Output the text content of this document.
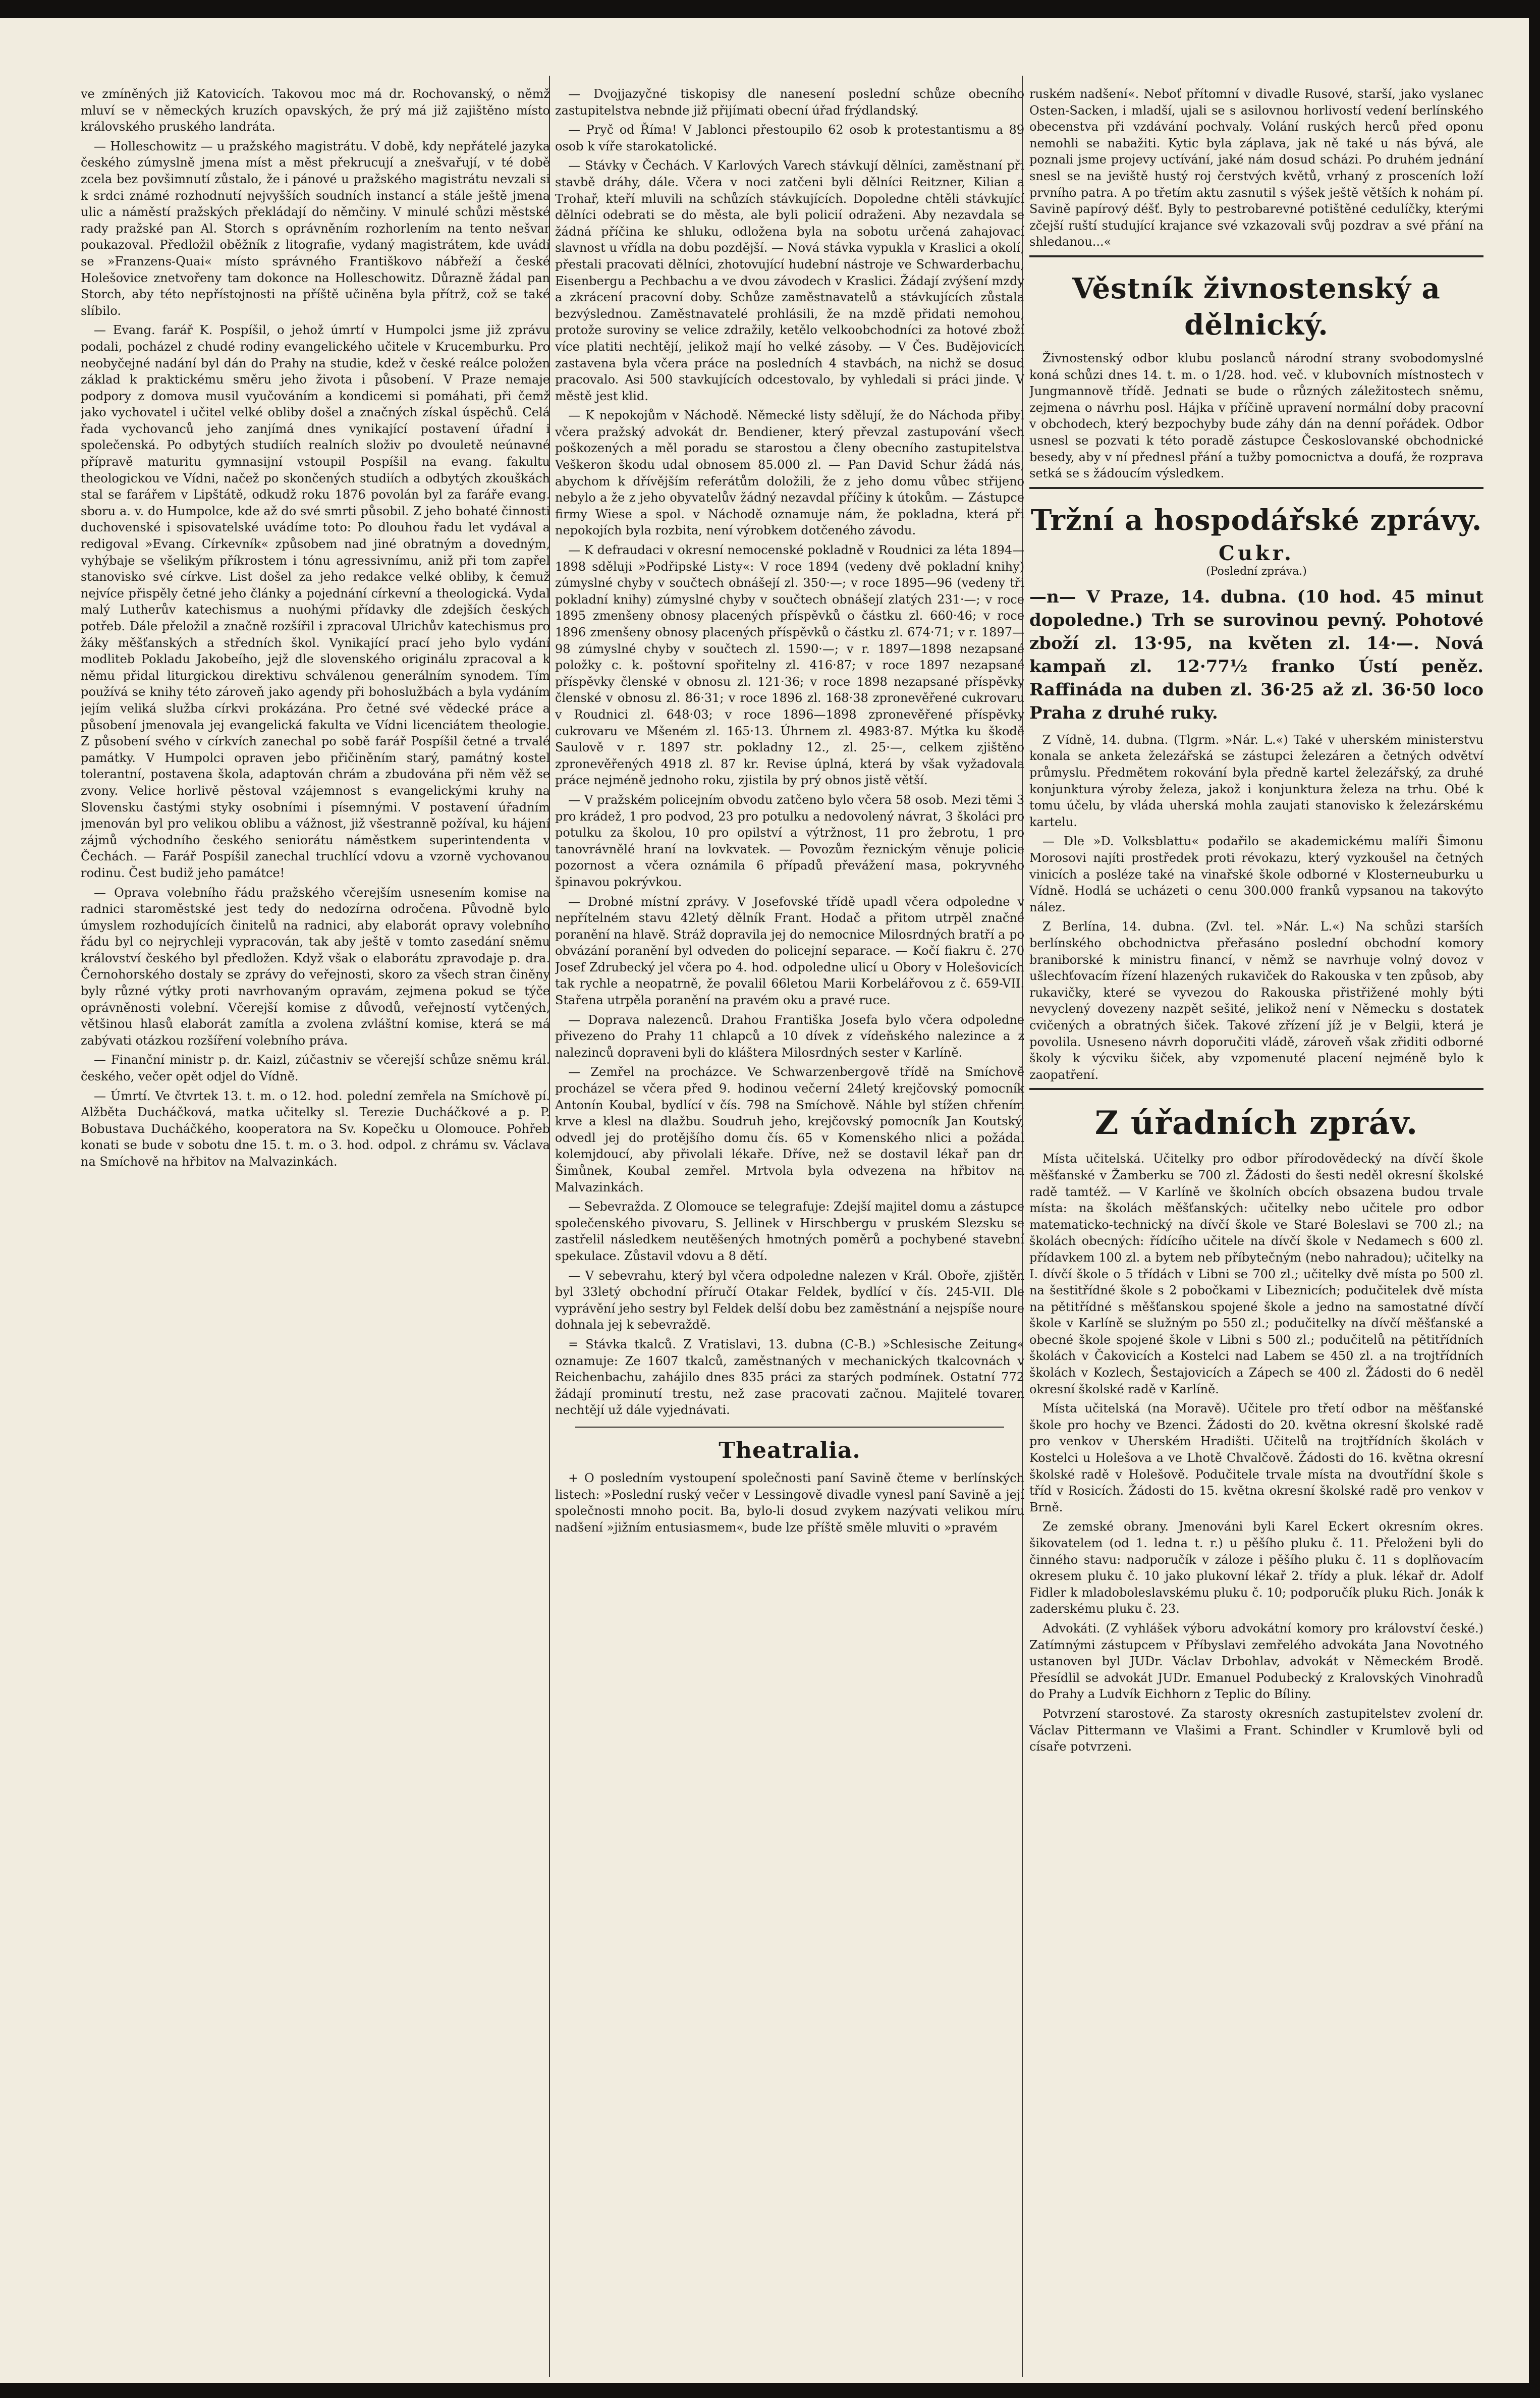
ve zmíněných již Katovicích. Takovou moc má dr. Rochovanský, o němž mluví se v německých kruzích opavských, že prý má již zajištěno místo královského pruského landráta.

— Holleschowitz — u pražského magistrátu. V době, kdy nepřátelé jazyka českého zúmyslně jmena míst a měst překrucují a znešvařují, v té době zcela bez povšimnutí zůstalo, že i pánové u pražského magistrátu nevzali si k srdci známé rozhodnutí nejvyšších soudních instancí a stále ještě jmena ulic a náměstí pražských překládají do němčiny. V minulé schůzi městské rady pražské pan Al. Storch s oprávněním rozhorlením na tento nešvar poukazoval. Předložil oběžník z litografie, vydaný magistrátem, kde uvádí se »Franzens-Quai« místo správného Františkovo nábřeží a české Holešovice znetvořeny tam dokonce na Holleschowitz. Důrazně žádal pan Storch, aby této nepřístojnosti na příště učiněna byla přítrž, což se také slíbilo.

— Evang. farář K. Pospíšil, o jehož úmrtí v Humpolci jsme již zprávu podali, pocházel z chudé rodiny evangelického učitele v Krucemburku. Pro neobyčejné nadání byl dán do Prahy na studie, kdež v české reálce položen základ k praktickému směru jeho života i působení. V Praze nemaje podpory z domova musil vyučováním a kondicemi si pomáhati, při čemž jako vychovatel i učitel velké obliby došel a značných získal úspěchů. Celá řada vychovanců jeho zanjímá dnes vynikající postavení úřadní i společenská. Po odbytých studiích realních složiv po dvouletě neúnavné přípravě maturitu gymnasijní vstoupil Pospíšil na evang. fakultu theologickou ve Vídni, načež po skončených studiích a odbytých zkouškách stal se farářem v Lipštátě, odkudž roku 1876 povolán byl za faráře evang. sboru a. v. do Humpolce, kde až do své smrti působil. Z jeho bohaté činnosti duchovenské i spisovatelské uvádíme toto: Po dlouhou řadu let vydával a redigoval »Evang. Církevník« způsobem nad jiné obratným a dovedným, vyhýbaje se všelikým příkrostem i tónu agressivnímu, aniž při tom zapřel stanovisko své církve. List došel za jeho redakce velké obliby, k čemuž nejvíce přispěly četné jeho články a pojednání církevní a theologická. Vydal malý Lutherův katechismus a nuohými přídavky dle zdejších českých potřeb. Dále přeložil a značně rozšířil i zpracoval Ulrichův katechismus pro žáky měšťanských a středních škol. Vynikající prací jeho bylo vydání modliteb Pokladu Jakobeího, jejž dle slovenského originálu zpracoval a k němu přidal liturgickou direktivu schválenou generálním synodem. Tím používá se knihy této zároveň jako agendy při bohoslužbách a byla vydáním jejím veliká služba církvi prokázána. Pro četné své vědecké práce a působení jmenovala jej evangelická fakulta ve Vídni licenciátem theologie. Z působení svého v církvích zanechal po sobě farář Pospíšil četné a trvalé památky. V Humpolci opraven jebo přičiněním starý, památný kostel tolerantní, postavena škola, adaptován chrám a zbudována při něm věž se zvony. Velice horlivě pěstoval vzájemnost s evangelickými kruhy na Slovensku častými styky osobními i písemnými. V postavení úřadním jmenován byl pro velikou oblibu a vážnost, již všestranně požíval, ku hájení zájmů východního českého seniorátu náměstkem superintendenta v Čechách. — Farář Pospíšil zanechal truchlící vdovu a vzorně vychovanou rodinu. Čest budiž jeho památce!

— Oprava volebního řádu pražského včerejším usnesením komise na radnici staroměstské jest tedy do nedozírna odročena. Původně bylo úmyslem rozhodujících činitelů na radnici, aby elaborát opravy volebního řádu byl co nejrychleji vypracován, tak aby ještě v tomto zasedání sněmu království českého byl předložen. Když však o elaborátu zpravodaje p. dra. Černohorského dostaly se zprávy do veřejnosti, skoro za všech stran činěny byly různé výtky proti navrhovaným opravám, zejmena pokud se týče oprávněnosti volební. Včerejší komise z důvodů, veřejností vytčených, většinou hlasů elaborát zamítla a zvolena zvláštní komise, která se má zabývati otázkou rozšíření volebního práva.

— Finanční ministr p. dr. Kaizl, zúčastniv se včerejší schůze sněmu král. českého, večer opět odjel do Vídně.

— Úmrtí. Ve čtvrtek 13. t. m. o 12. hod. polední zemřela na Smíchově pí. Alžběta Ducháčková, matka učitelky sl. Terezie Ducháčkové a p. P. Bobustava Ducháčkého, kooperatora na Sv. Kopečku u Olomouce. Pohřeb konati se bude v sobotu dne 15. t. m. o 3. hod. odpol. z chrámu sv. Václava na Smíchově na hřbitov na Malvazinkách.

— Dvojjazyčné tiskopisy dle nanesení poslední schůze obecního zastupitelstva nebnde již přijímati obecní úřad frýdlandský.

— Pryč od Říma! V Jablonci přestoupilo 62 osob k protestantismu a 89 osob k víře starokatolické.

— Stávky v Čechách. V Karlových Varech stávkují dělníci, zaměstnaní při stavbě dráhy, dále. Včera v noci zatčeni byli dělníci Reitzner, Kilian a Trohař, kteří mluvili na schůzích stávkujících. Dopoledne chtěli stávkující dělníci odebrati se do města, ale byli policií odraženi. Aby nezavdala se žádná příčina ke shluku, odložena byla na sobotu určená zahajovací slavnost u vřídla na dobu pozdější. — Nová stávka vypukla v Kraslici a okolí, přestali pracovati dělníci, zhotovující hudební nástroje ve Schwarderbachu, Eisenbergu a Pechbachu a ve dvou závodech v Kraslici. Žádají zvýšení mzdy a zkrácení pracovní doby. Schůze zaměstnavatelů a stávkujících zůstala bezvýslednou. Zaměstnavatelé prohlásili, že na mzdě přidati nemohou, protože suroviny se velice zdražily, ketělo velkoobchodníci za hotové zboží více platiti nechtějí, jelikož mají ho velké zásoby. — V Čes. Budějovicích zastavena byla včera práce na posledních 4 stavbách, na nichž se dosud pracovalo. Asi 500 stavkujících odcestovalo, by vyhledali si práci jinde. V městě jest klid.

— K nepokojům v Náchodě. Německé listy sdělují, že do Náchoda přibyl včera pražský advokát dr. Bendiener, který převzal zastupování všech poškozených a měl poradu se starostou a členy obecního zastupitelstva. Veškeron škodu udal obnosem 85.000 zl. — Pan David Schur žádá nás, abychom k dřívějším referátům doložili, že z jeho domu vůbec střijeno nebylo a že z jeho obyvatelův žádný nezavdal příčiny k útokům. — Zástupce firmy Wiese a spol. v Náchodě oznamuje nám, že pokladna, která při nepokojích byla rozbita, není výrobkem dotčeného závodu.

— K defraudaci v okresní nemocenské pokladně v Roudnici za léta 1894—1898 sděluji »Podřipské Listy«: V roce 1894 (vedeny dvě pokladní knihy) zúmyslné chyby v součtech obnášejí zl. 350·—; v roce 1895—96 (vedeny tři pokladní knihy) zúmyslné chyby v součtech obnášejí zlatých 231·—; v roce 1895 zmenšeny obnosy placených příspěvků o částku zl. 660·46; v roce 1896 zmenšeny obnosy placených příspěvků o částku zl. 674·71; v r. 1897—98 zúmyslné chyby v součtech zl. 1590·—; v r. 1897—1898 nezapsané položky c. k. poštovní spořitelny zl. 416·87; v roce 1897 nezapsané příspěvky členské v obnosu zl. 121·36; v roce 1898 nezapsané příspěvky členské v obnosu zl. 86·31; v roce 1896 zl. 168·38 zpronevěřené cukrovaru v Roudnici zl. 648·03; v roce 1896—1898 zpronevěřené příspěvky cukrovaru ve Mšeném zl. 165·13. Úhrnem zl. 4983·87. Mýtka ku škodě Saulově v r. 1897 str. pokladny 12., zl. 25·—, celkem zjištěno zpronevěřených 4918 zl. 87 kr. Revise úplná, která by však vyžadovala práce nejméně jednoho roku, zjistila by prý obnos jistě větší.

— V pražském policejním obvodu zatčeno bylo včera 58 osob. Mezi těmi 3 pro krádež, 1 pro podvod, 23 pro potulku a nedovolený návrat, 3 školáci pro potulku za školou, 10 pro opilství a výtržnost, 11 pro žebrotu, 1 pro tanovrávnělé hraní na lovkvatek. — Povozům řeznickým věnuje policie pozornost a včera oznámila 6 případů převážení masa, pokryvného špinavou pokrývkou.

— Drobné místní zprávy. V Josefovské třídě upadl včera odpoledne v nepřítelném stavu 42letý dělník Frant. Hodač a přitom utrpěl značné poranění na hlavě. Stráž dopravila jej do nemocnice Milosrdných bratří a po obvázání poranění byl odveden do policejní separace. — Kočí fiakru č. 270 Josef Zdrubecký jel včera po 4. hod. odpoledne ulicí u Obory v Holešovicích tak rychle a neopatrně, že povalil 66letou Marii Korbelářovou z č. 659-VII. Stařena utrpěla poranění na pravém oku a pravé ruce.

— Doprava nalezenců. Drahou Františka Josefa bylo včera odpoledne přivezeno do Prahy 11 chlapců a 10 dívek z vídeňského nalezince a z nalezinců dopraveni byli do kláštera Milosrdných sester v Karlíně.

— Zemřel na procházce. Ve Schwarzenbergově třídě na Smíchově procházel se včera před 9. hodinou večerní 24letý krejčovský pomocník Antonín Koubal, bydlící v čís. 798 na Smíchově. Náhle byl stížen chřením krve a klesl na dlažbu. Soudruh jeho, krejčovský pomocník Jan Koutský, odvedl jej do protějšího domu čís. 65 v Komenského nlici a požádal kolemjdoucí, aby přivolali lékaře. Dříve, než se dostavil lékař pan dr. Šimůnek, Koubal zemřel. Mrtvola byla odvezena na hřbitov na Malvazinkách.

— Sebevražda. Z Olomouce se telegrafuje: Zdejší majitel domu a zástupce společenského pivovaru, S. Jellinek v Hirschbergu v pruském Slezsku se zastřelil následkem neutěšených hmotných poměrů a pochybené stavební spekulace. Zůstavil vdovu a 8 dětí.

— V sebevrahu, který byl včera odpoledne nalezen v Král. Oboře, zjištěn byl 33letý obchodní příručí Otakar Feldek, bydlící v čís. 245-VII. Dle vyprávění jeho sestry byl Feldek delší dobu bez zaměstnání a nejspíše noure dohnala jej k sebevraždě.

= Stávka tkalců. Z Vratislavi, 13. dubna (C-B.) »Schlesische Zeitung« oznamuje: Ze 1607 tkalců, zaměstnaných v mechanických tkalcovnách v Reichenbachu, zahájilo dnes 835 práci za starých podmínek. Ostatní 772 žádají prominutí trestu, než zase pracovati začnou. Majitelé tovaren nechtějí už dále vyjednávati.

Theatralia.

+ O posledním vystoupení společnosti paní Savině čteme v berlínských listech: »Poslední ruský večer v Lessingově divadle vynesl paní Savině a její společnosti mnoho pocit. Ba, bylo-li dosud zvykem nazývati velikou míru nadšení »jižním entusiasmem«, bude lze příště směle mluviti o »pravém

ruském nadšení«. Neboť přítomní v divadle Rusové, starší, jako vyslanec Osten-Sacken, i mladší, ujali se s asilovnou horlivostí vedení berlínského obecenstva při vzdávání pochvaly. Volání ruských herců před oponu nemohli se nabažiti. Kytic byla záplava, jak ně také u nás bývá, ale poznali jsme projevy uctívání, jaké nám dosud scházi. Po druhém jednání snesl se na jeviště hustý roj čerstvých květů, vrhaný z prosceních loží prvního patra. A po třetím aktu zasnutil s výšek ještě větších k nohám pí. Savině papírový déšť. Byly to pestrobarevné potištěné cedulíčky, kterými zčejší ruští studující krajance své vzkazovali svůj pozdrav a své přání na shledanou...«

Věstník živnostenský a dělnický.

Živnostenský odbor klubu poslanců národní strany svobodomyslné koná schůzi dnes 14. t. m. o 1/28. hod. več. v klubovních místnostech v Jungmannově třídě. Jednati se bude o různých záležitostech sněmu, zejmena o návrhu posl. Hájka v příčině upravení normální doby pracovní v obchodech, který bezpochyby bude záhy dán na denní pořádek. Odbor usnesl se pozvati k této poradě zástupce Českoslovanské obchodnické besedy, aby v ní přednesl přání a tužby pomocnictva a doufá, že rozprava setká se s žádoucím výsledkem.

Tržní a hospodářské zprávy.
Cukr.
(Poslední zpráva.)
—n— V Praze, 14. dubna. (10 hod. 45 minut dopoledne.) Trh se surovinou pevný. Pohotové zboží zl. 13·95, na květen zl. 14·—. Nová kampaň zl. 12·77½ franko Ústí peněz. Raffináda na duben zl. 36·25 až zl. 36·50 loco Praha z druhé ruky.

Z Vídně, 14. dubna. (Tlgrm. »Nár. L.«) Také v uherském ministerstvu konala se anketa železářská se zástupci železáren a četných odvětví průmyslu. Předmětem rokování byla předně kartel železářský, za druhé konjunktura výroby železa, jakož i konjunktura železa na trhu. Obé k tomu účelu, by vláda uherská mohla zaujati stanovisko k železárskému kartelu.

— Dle »D. Volksblattu« podařilo se akademickému malíři Šimonu Morosovi najíti prostředek proti révokazu, který vyzkoušel na četných vinicích a posléze také na vinařské škole odborné v Klosterneuburku u Vídně. Hodlá se ucházeti o cenu 300.000 franků vypsanou na takovýto nález.

Z Berlína, 14. dubna. (Zvl. tel. »Nár. L.«) Na schůzi starších berlínského obchodnictva přeřasáno poslední obchodní komory braniborské k ministru financí, v němž se navrhuje volný dovoz v ušlechťovacím řízení hlazených rukaviček do Rakouska v ten způsob, aby rukavičky, které se vyvezou do Rakouska přistřižené mohly býti nevyclený dovezeny nazpět sešité, jelikož není v Německu s dostatek cvičených a obratných šiček. Takové zřízení jíž je v Belgii, která je povolila. Usneseno návrh doporučiti vládě, zároveň však zřiditi odborné školy k výcviku šiček, aby vzpomenuté placení nejméně bylo k zaopatření.

Z úřadních zpráv.

Místa učitelská. Učitelky pro odbor přírodovědecký na dívčí škole měšťanské v Žamberku se 700 zl. Žádosti do šesti neděl okresní školské radě tamtéž. — V Karlíně ve školních obcích obsazena budou trvale místa: na školách měšťanských: učitelky nebo učitele pro odbor matematicko-technický na dívčí škole ve Staré Boleslavi se 700 zl.; na školách obecných: řídícího učitele na dívčí škole v Nedamech s 600 zl. přídavkem 100 zl. a bytem neb příbytečným (nebo nahradou); učitelky na I. dívčí škole o 5 třídách v Libni se 700 zl.; učitelky dvě místa po 500 zl. na šestitřídné škole s 2 pobočkami v Libeznicích; podučitelek dvě místa na pětitřídné s měšťanskou spojené škole a jedno na samostatné dívčí škole v Karlíně se služným po 550 zl.; podučitelky na dívčí měšťanské a obecné škole spojené škole v Libni s 500 zl.; podučitelů na pětitřídních školách v Čakovicích a Kostelci nad Labem se 450 zl. a na trojtřídních školách v Kozlech, Šestajovicích a Zápech se 400 zl. Žádosti do 6 neděl okresní školské radě v Karlíně.

Místa učitelská (na Moravě). Učitele pro třetí odbor na měšťanské škole pro hochy ve Bzenci. Žádosti do 20. května okresní školské radě pro venkov v Uherském Hradišti. Učitelů na trojtřídních školách v Kostelci u Holešova a ve Lhotě Chvalčově. Žádosti do 16. května okresní školské radě v Holešově. Podučitele trvale místa na dvoutřídní škole s tříd v Rosicích. Žádosti do 15. května okresní školské radě pro venkov v Brně.

Ze zemské obrany. Jmenováni byli Karel Eckert okresním okres. šikovatelem (od 1. ledna t. r.) u pěšího pluku č. 11. Přeloženi byli do činného stavu: nadporučík v záloze i pěšího pluku č. 11 s doplňovacím okresem pluku č. 10 jako plukovní lékař 2. třídy a pluk. lékař dr. Adolf Fidler k mladoboleslavskému pluku č. 10; podporučík pluku Rich. Jonák k zaderskému pluku č. 23.

Advokáti. (Z vyhlášek výboru advokátní komory pro království české.) Zatímnými zástupcem v Příbyslavi zemřelého advokáta Jana Novotného ustanoven byl JUDr. Václav Drbohlav, advokát v Německém Brodě. Přesídlil se advokát JUDr. Emanuel Podubecký z Kralovských Vinohradů do Prahy a Ludvík Eichhorn z Teplic do Bíliny.

Potvrzení starostové. Za starosty okresních zastupitelstev zvolení dr. Václav Pittermann ve Vlašimi a Frant. Schindler v Krumlově byli od císaře potvrzeni.
